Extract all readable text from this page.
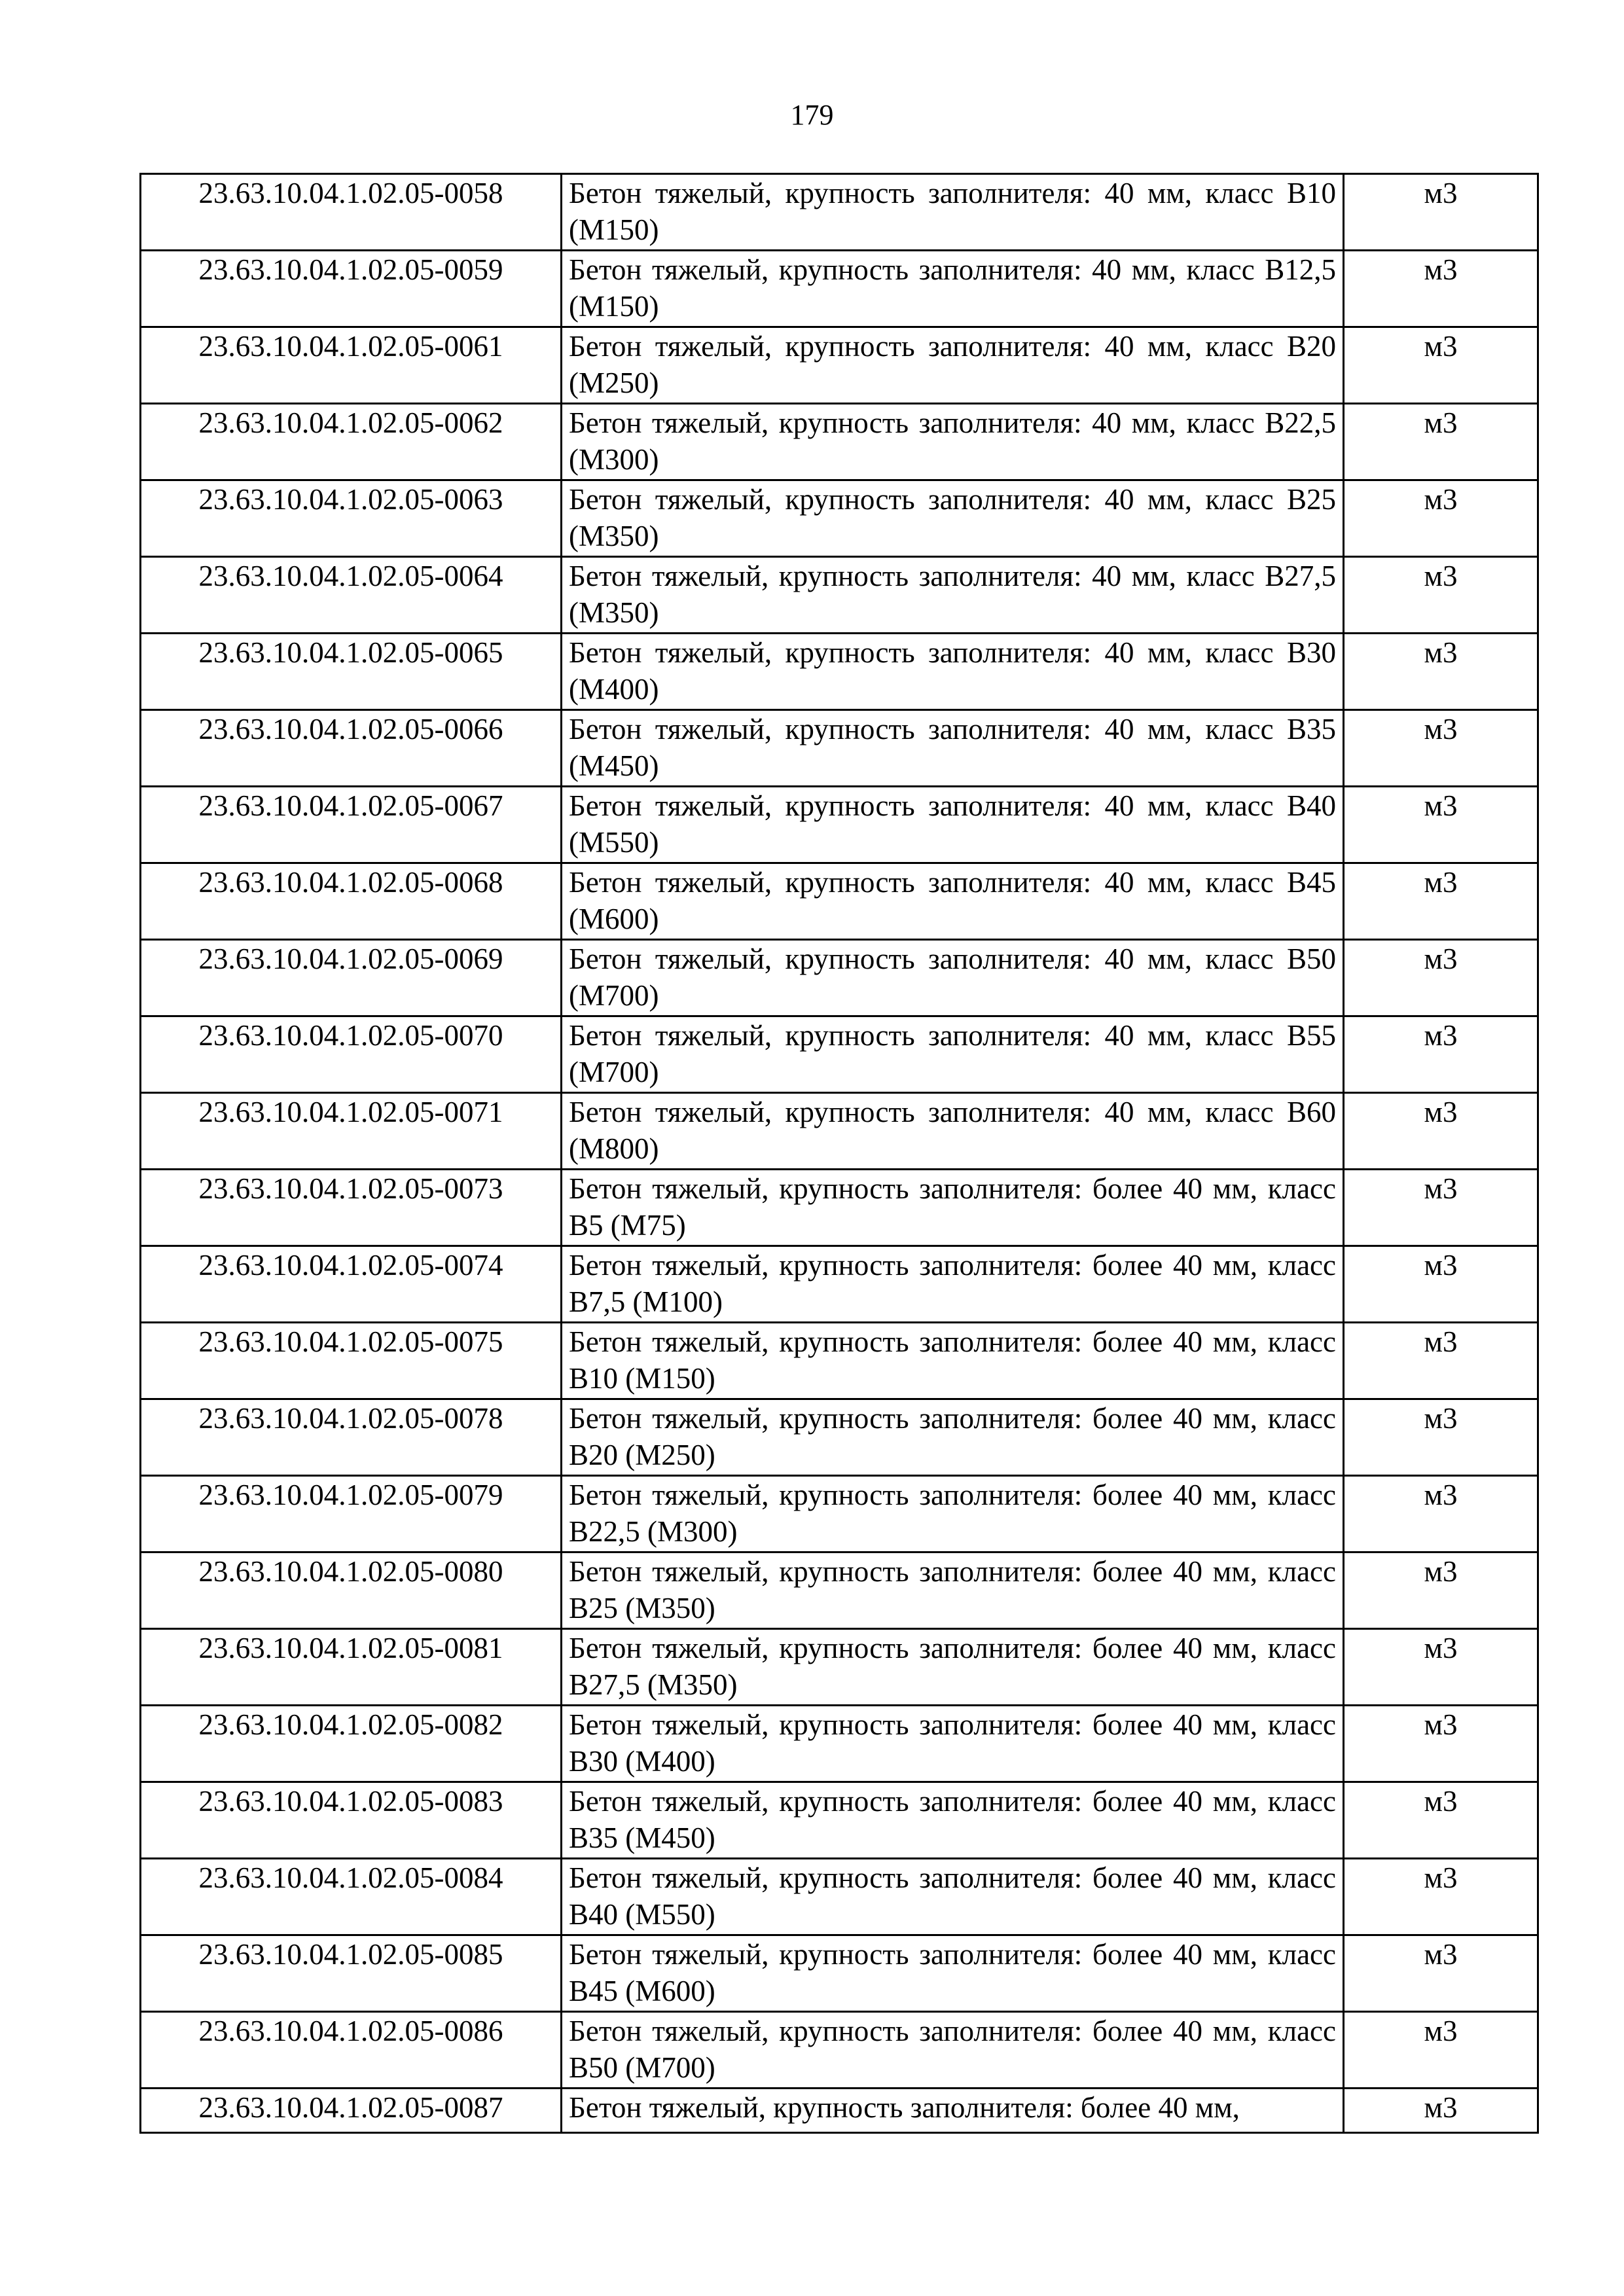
179
23.63.10.04.1.02.05-0058	Бетон тяжелый, крупность заполнителя: 40 мм, класс В10 (М150)	м3
23.63.10.04.1.02.05-0059	Бетон тяжелый, крупность заполнителя: 40 мм, класс В12,5 (М150)	м3
23.63.10.04.1.02.05-0061	Бетон тяжелый, крупность заполнителя: 40 мм, класс В20 (М250)	м3
23.63.10.04.1.02.05-0062	Бетон тяжелый, крупность заполнителя: 40 мм, класс В22,5 (М300)	м3
23.63.10.04.1.02.05-0063	Бетон тяжелый, крупность заполнителя: 40 мм, класс В25 (М350)	м3
23.63.10.04.1.02.05-0064	Бетон тяжелый, крупность заполнителя: 40 мм, класс В27,5 (М350)	м3
23.63.10.04.1.02.05-0065	Бетон тяжелый, крупность заполнителя: 40 мм, класс В30 (М400)	м3
23.63.10.04.1.02.05-0066	Бетон тяжелый, крупность заполнителя: 40 мм, класс В35 (М450)	м3
23.63.10.04.1.02.05-0067	Бетон тяжелый, крупность заполнителя: 40 мм, класс В40 (М550)	м3
23.63.10.04.1.02.05-0068	Бетон тяжелый, крупность заполнителя: 40 мм, класс В45 (М600)	м3
23.63.10.04.1.02.05-0069	Бетон тяжелый, крупность заполнителя: 40 мм, класс В50 (М700)	м3
23.63.10.04.1.02.05-0070	Бетон тяжелый, крупность заполнителя: 40 мм, класс В55 (М700)	м3
23.63.10.04.1.02.05-0071	Бетон тяжелый, крупность заполнителя: 40 мм, класс В60 (М800)	м3
23.63.10.04.1.02.05-0073	Бетон тяжелый, крупность заполнителя: более 40 мм, класс В5 (М75)	м3
23.63.10.04.1.02.05-0074	Бетон тяжелый, крупность заполнителя: более 40 мм, класс В7,5 (М100)	м3
23.63.10.04.1.02.05-0075	Бетон тяжелый, крупность заполнителя: более 40 мм, класс В10 (М150)	м3
23.63.10.04.1.02.05-0078	Бетон тяжелый, крупность заполнителя: более 40 мм, класс В20 (М250)	м3
23.63.10.04.1.02.05-0079	Бетон тяжелый, крупность заполнителя: более 40 мм, класс В22,5 (М300)	м3
23.63.10.04.1.02.05-0080	Бетон тяжелый, крупность заполнителя: более 40 мм, класс В25 (М350)	м3
23.63.10.04.1.02.05-0081	Бетон тяжелый, крупность заполнителя: более 40 мм, класс В27,5 (М350)	м3
23.63.10.04.1.02.05-0082	Бетон тяжелый, крупность заполнителя: более 40 мм, класс В30 (М400)	м3
23.63.10.04.1.02.05-0083	Бетон тяжелый, крупность заполнителя: более 40 мм, класс В35 (М450)	м3
23.63.10.04.1.02.05-0084	Бетон тяжелый, крупность заполнителя: более 40 мм, класс В40 (М550)	м3
23.63.10.04.1.02.05-0085	Бетон тяжелый, крупность заполнителя: более 40 мм, класс В45 (М600)	м3
23.63.10.04.1.02.05-0086	Бетон тяжелый, крупность заполнителя: более 40 мм, класс В50 (М700)	м3
23.63.10.04.1.02.05-0087	Бетон тяжелый, крупность заполнителя: более 40 мм,	м3
